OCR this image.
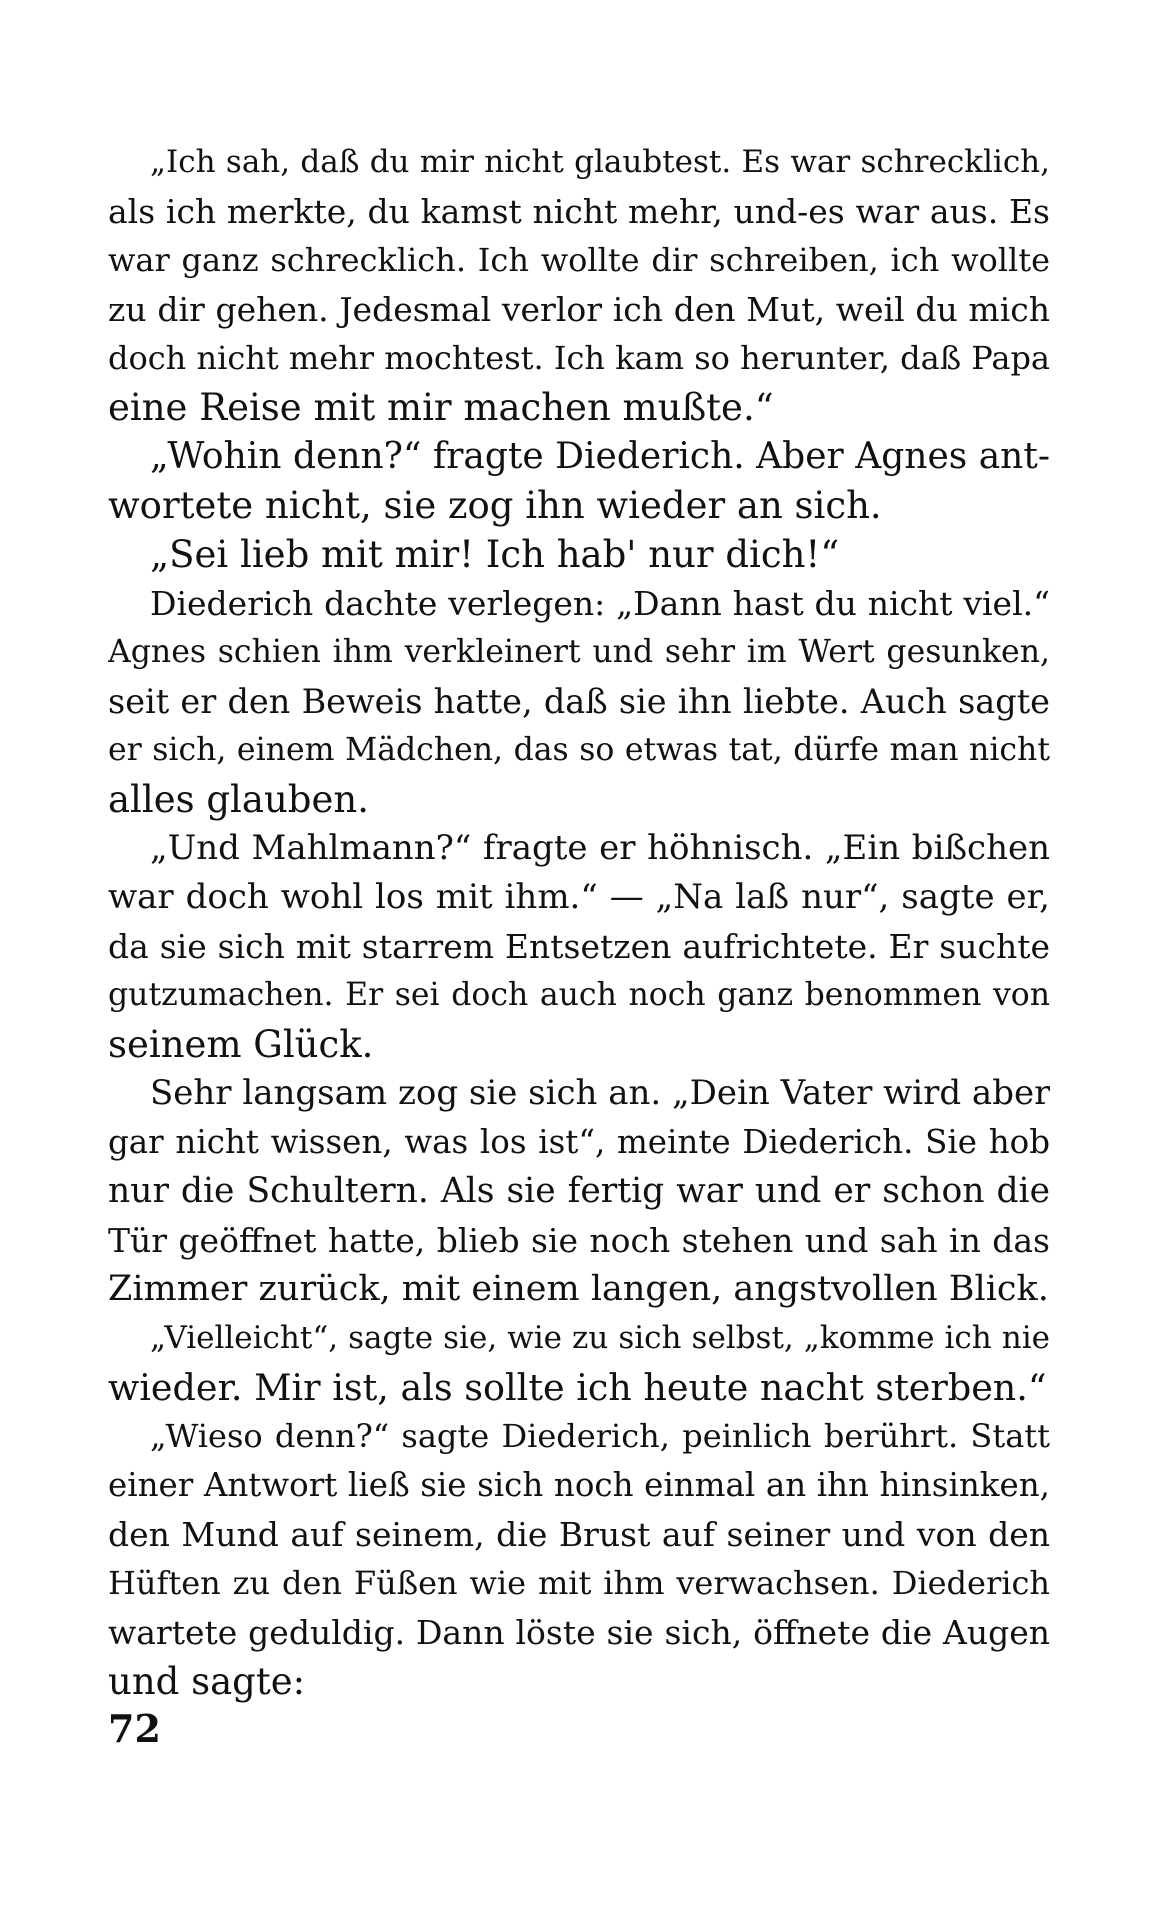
„Ich sah, daß du mir nicht glaubtest. Es war schrecklich,
als ich merkte, du kamst nicht mehr, und-es war aus. Es
war ganz schrecklich. Ich wollte dir schreiben, ich wollte
zu dir gehen. Jedesmal verlor ich den Mut, weil du mich
doch nicht mehr mochtest. Ich kam so herunter, daß Papa
eine Reise mit mir machen mußte.“
„Wohin denn?“ fragte Diederich. Aber Agnes ant-
wortete nicht, sie zog ihn wieder an sich.
„Sei lieb mit mir! Ich hab' nur dich!“
Diederich dachte verlegen: „Dann hast du nicht viel.“
Agnes schien ihm verkleinert und sehr im Wert gesunken,
seit er den Beweis hatte, daß sie ihn liebte. Auch sagte
er sich, einem Mädchen, das so etwas tat, dürfe man nicht
alles glauben.
„Und Mahlmann?“ fragte er höhnisch. „Ein bißchen
war doch wohl los mit ihm.“ — „Na laß nur“, sagte er,
da sie sich mit starrem Entsetzen aufrichtete. Er suchte
gutzumachen. Er sei doch auch noch ganz benommen von
seinem Glück.
Sehr langsam zog sie sich an. „Dein Vater wird aber
gar nicht wissen, was los ist“, meinte Diederich. Sie hob
nur die Schultern. Als sie fertig war und er schon die
Tür geöffnet hatte, blieb sie noch stehen und sah in das
Zimmer zurück, mit einem langen, angstvollen Blick.
„Vielleicht“, sagte sie, wie zu sich selbst, „komme ich nie
wieder. Mir ist, als sollte ich heute nacht sterben.“
„Wieso denn?“ sagte Diederich, peinlich berührt. Statt
einer Antwort ließ sie sich noch einmal an ihn hinsinken,
den Mund auf seinem, die Brust auf seiner und von den
Hüften zu den Füßen wie mit ihm verwachsen. Diederich
wartete geduldig. Dann löste sie sich, öffnete die Augen
und sagte:
72
